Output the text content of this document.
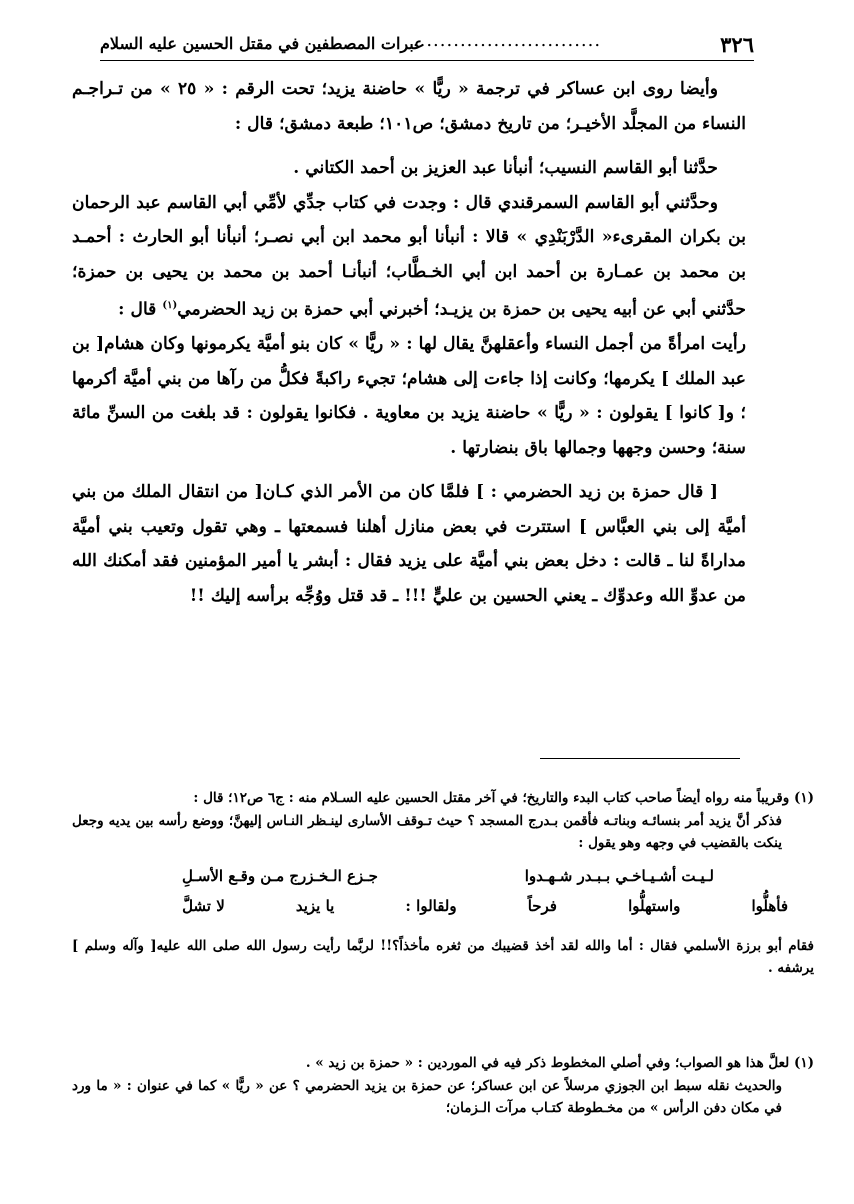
٣٢٦
............................
عبرات المصطفين في مقتل الحسين عليه السلام

وأيضا روى ابن عساكر في ترجمة « ريًّا » حاضنة يزيد؛ تحت الرقم : « ٢٥ » من تـراجـم النساء من المجلَّد الأخيـر؛ من تاريخ دمشق؛ ص١٠١؛ طبعة دمشق؛ قال :

حدَّثنا أبو القاسم النسيب؛ أنبأنا عبد العزيز بن أحمد الكتاني .

وحدَّثني أبو القاسم السمرقندي قال : وجدت في كتاب جدِّي لأمِّي أبي القاسم عبد الرحمان بن بكران المقرىء« الدَّرْبَنْدِي » قالا : أنبأنا أبو محمد ابن أبي نصـر؛ أنبأنا أبو الحارث : أحمـد بن محمد بن عمـارة بن أحمد ابن أبي الخـطَّاب؛ أنبأنـا أحمد بن محمد بن يحيى بن حمزة؛ حدَّثني أبي عن أبيه يحيى بن حمزة بن يزيـد؛ أخبرني أبي حمزة بن زيد الحضرمي$^{(١)}$ قال :

رأيت امرأةً من أجمل النساء وأعقلهنَّ يقال لها : « ريًّا » كان بنو أميَّة يكرمونها وكان هشام[ بن عبد الملك ] يكرمها؛ وكانت إذا جاءت إلى هشام؛ تجيء راكبةً فكلُّ من رآها من بني أميَّة أكرمها ؛ و[ كانوا ] يقولون : « ريًّا » حاضنة يزيد بن معاوية . فكانوا يقولون : قد بلغت من السنِّ مائة سنة؛ وحسن وجهها وجمالها باق بنضارتها .

[ قال حمزة بن زيد الحضرمي : ] فلمَّا كان من الأمر الذي كـان[ من انتقال الملك من بني أميَّة إلى بني العبَّاس ] استترت في بعض منازل أهلنا فسمعتها ـ وهي تقول وتعيب بني أميَّة مداراةً لنا ـ قالت : دخل بعض بني أميَّة على يزيد فقال : أبشر يا أمير المؤمنين فقد أمكنك الله من عدوِّ الله وعدوِّك ـ يعني الحسين بن عليٍّ !!! ـ قد قتل ووُجِّه برأسه إليك !!

(١) وقريباً منه رواه أيضاً صاحب كتاب البدء والتاريخ؛ في آخر مقتل الحسين عليه السـلام منه : ج٦ ص١٢؛ قال :
فذكر أنَّ يزيد أمر بنسائـه وبناتـه فأقمن بـدرج المسجد ؟ حيث تـوقف الأسارى لينـظر النـاس إليهنَّ؛ ووضع رأسه بين يديه وجعل ينكت بالقضيب في وجهه وهو يقول :
لـيـت أشـيـاخـي بـبـدر شـهـدوا
جـزع الـخـزرج مـن وقـع الأسـلِ
فأهلُّوا
واستهلُّوا
فرحاً
ولقالوا :
يا يزيد
لا تشلَّ
فقام أبو برزة الأسلمي فقال : أما والله لقد أخذ قضيبك من ثغره مأخذاً؟!! لربَّما رأيت رسول الله صلى الله عليه[ وآله وسلم ] يرشفه .
(١) لعلَّ هذا هو الصواب؛ وفي أصلي المخطوط ذكر فيه في الموردين : « حمزة بن زيد » .
والحديث نقله سبط ابن الجوزي مرسلاً عن ابن عساكر؛ عن حمزة بن يزيد الحضرمي ؟ عن « ريًّا » كما في عنوان : « ما ورد في مكان دفن الرأس » من مخـطوطة كتـاب مرآت الـزمان؛
